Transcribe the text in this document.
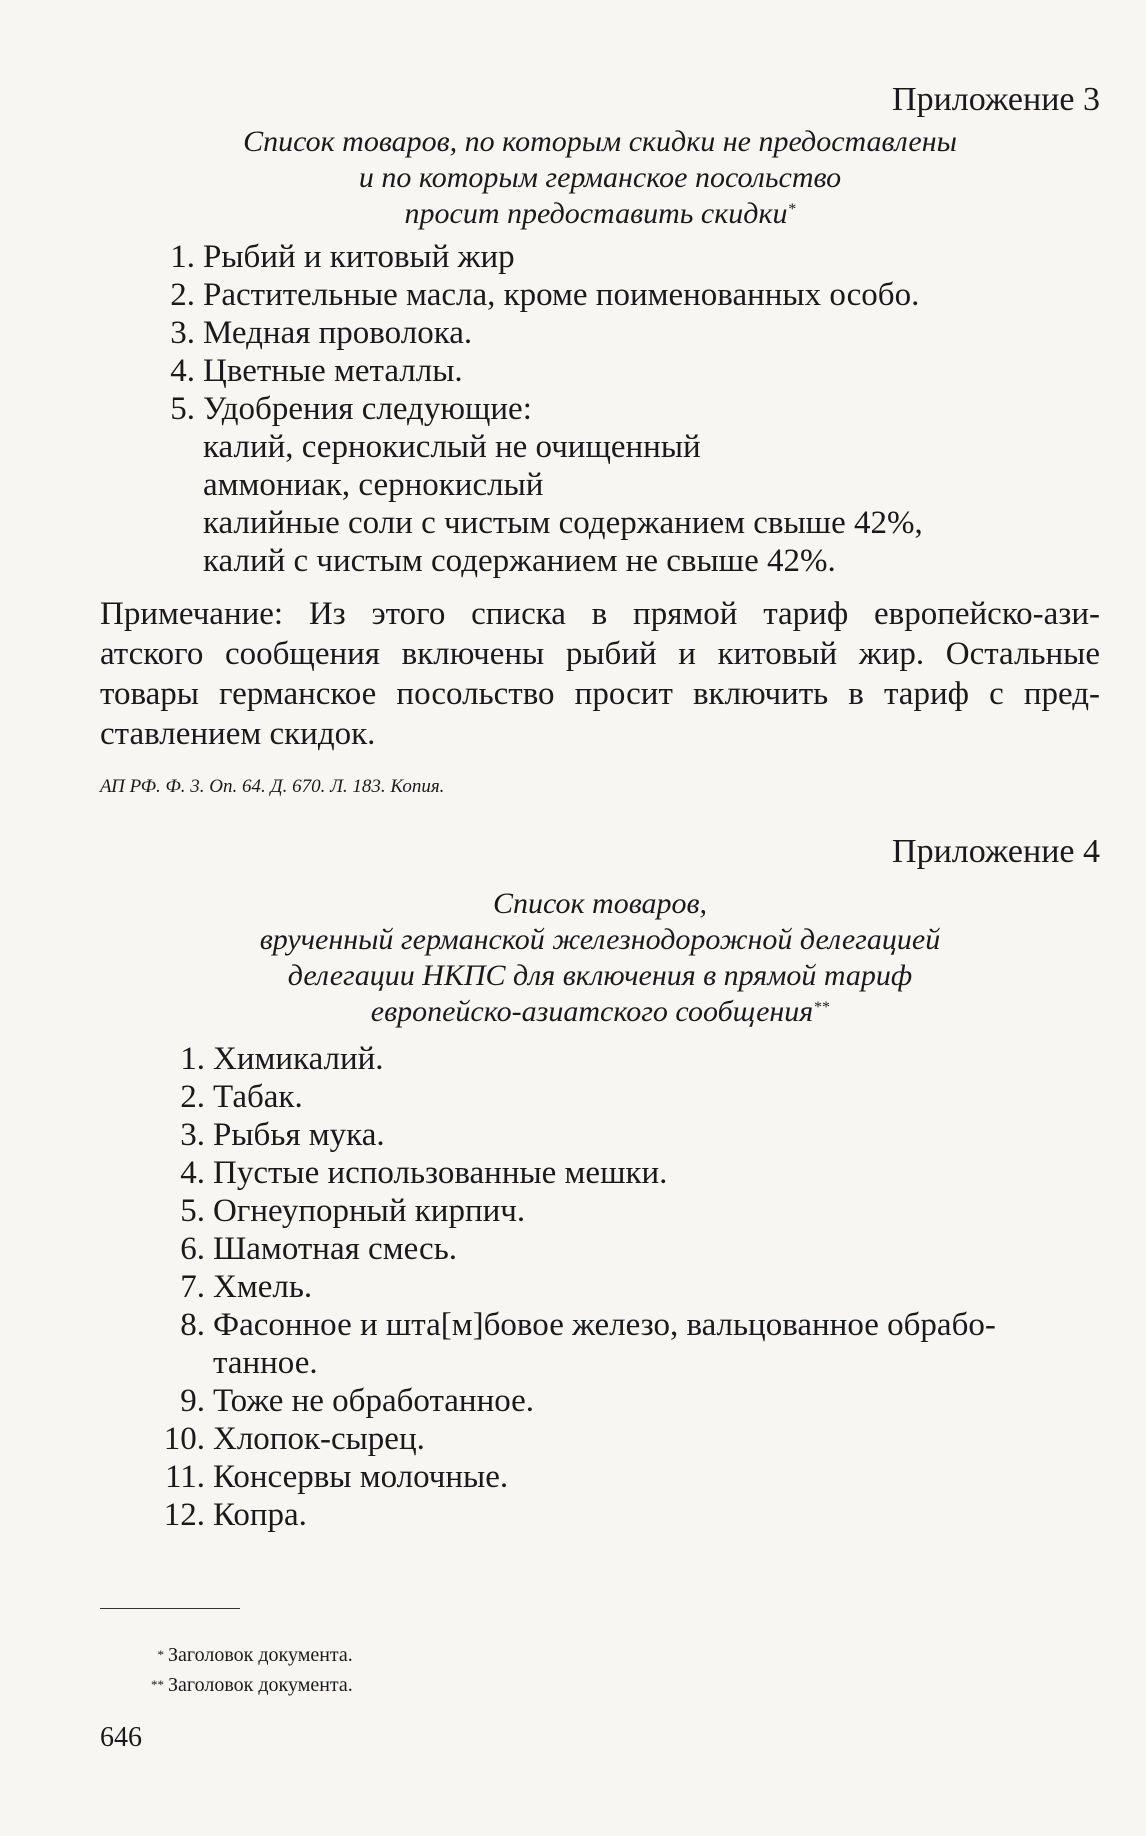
Приложение 3

Список товаров, по которым скидки не предоставлены
и по которым германское посольство
просит предоставить скидки*
1. Рыбий и китовый жир
2. Растительные масла, кроме поименованных особо.
3. Медная проволока.
4. Цветные металлы.
5. Удобрения следующие:
калий, сернокислый не очищенный
аммониак, сернокислый
калийные соли с чистым содержанием свыше 42%,
калий с чистым содержанием не свыше 42%.
Примечание: Из этого списка в прямой тариф европейско-ази-
атского сообщения включены рыбий и китовый жир. Остальные
товары германское посольство просит включить в тариф с пред-
ставлением скидок.

АП РФ. Ф. 3. Оп. 64. Д. 670. Л. 183. Копия.

Приложение 4

Список товаров,
врученный германской железнодорожной делегацией
делегации НКПС для включения в прямой тариф
европейско-азиатского сообщения**
1. Химикалий.
2. Табак.
3. Рыбья мука.
4. Пустые использованные мешки.
5. Огнеупорный кирпич.
6. Шамотная смесь.
7. Хмель.
8. Фасонное и шта[м]бовое железо, вальцованное обрабо-
танное.
9. Тоже не обработанное.
10. Хлопок-сырец.
11. Консервы молочные.
12. Копра.
* Заголовок документа.
** Заголовок документа.
646
